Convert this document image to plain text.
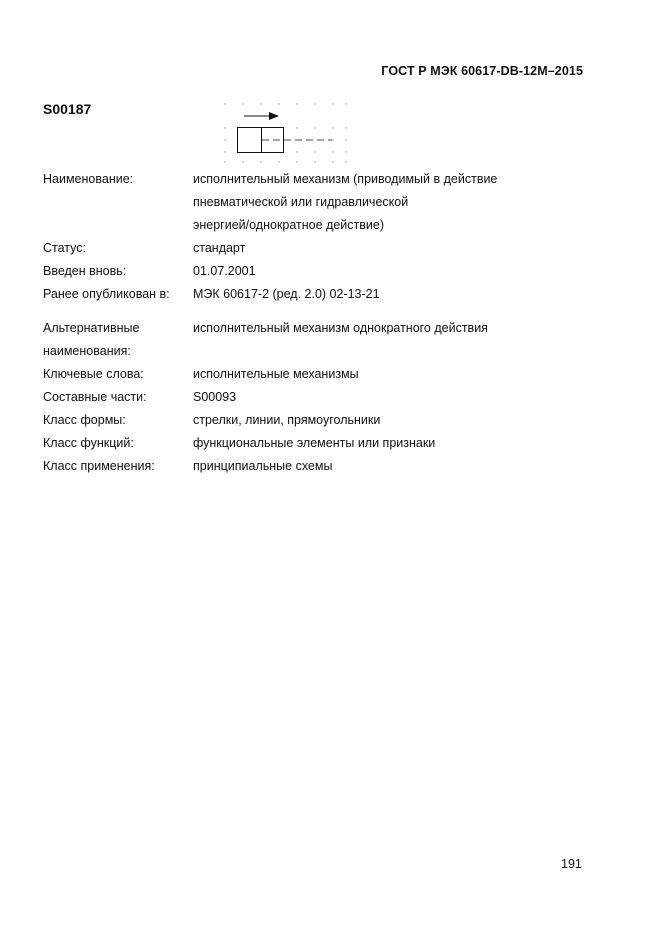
ГОСТ Р МЭК 60617-DB-12M–2015
S00187
Наименование:	исполнительный механизм (приводимый в действие
пневматической или гидравлической
энергией/однократное действие)
Статус:	стандарт
Введен вновь:	01.07.2001
Ранее опубликован в:	МЭК 60617-2 (ред. 2.0) 02-13-21
Альтернативные
наименования:
исполнительный механизм однократного действия
Ключевые слова:	исполнительные механизмы
Составные части:	S00093
Класс формы:	стрелки, линии, прямоугольники
Класс функций:	функциональные элементы или признаки
Класс применения:	принципиальные схемы
191
